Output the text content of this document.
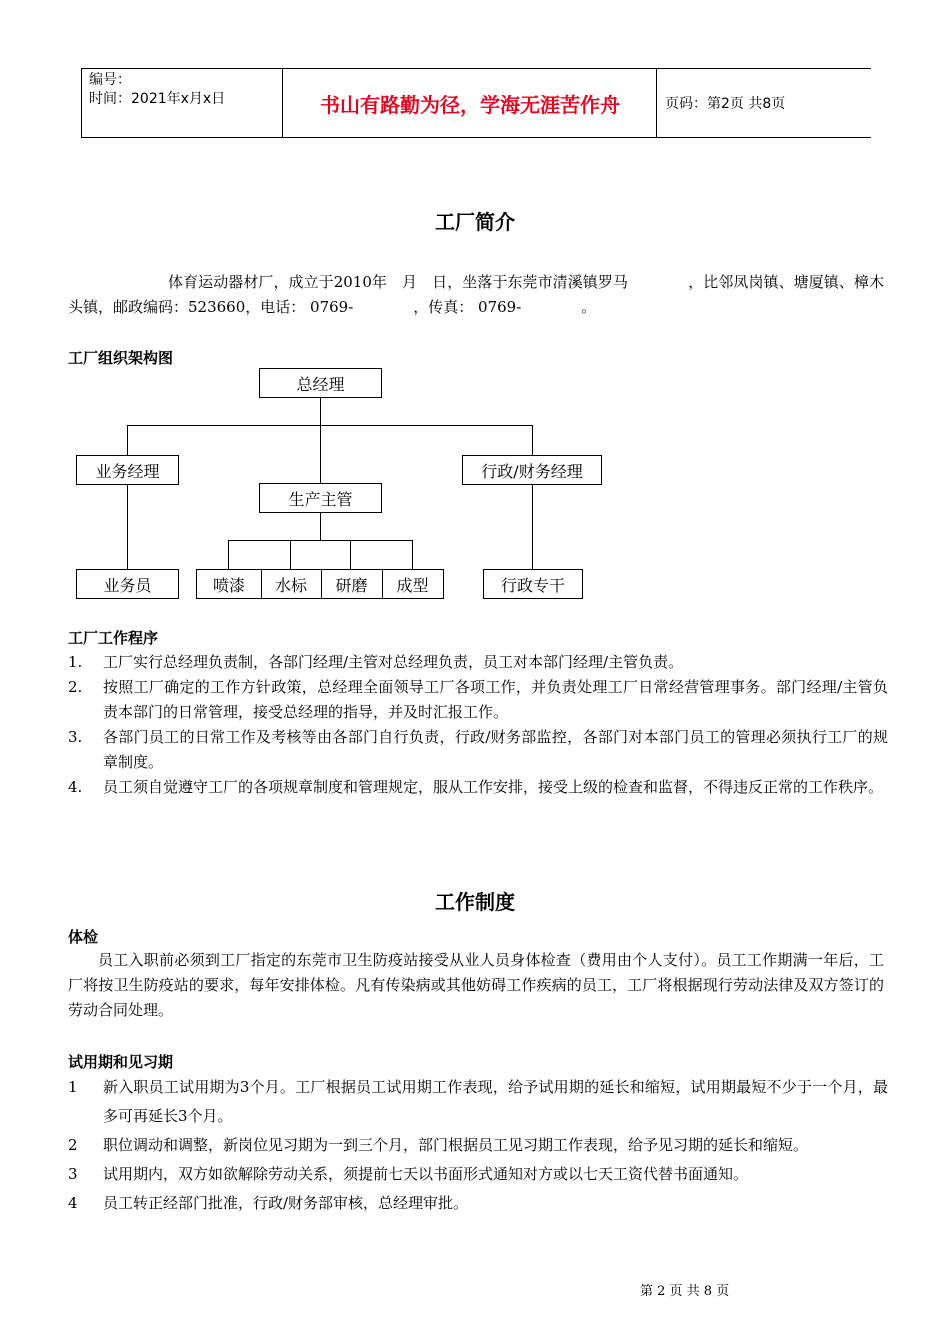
编号：
时间：2021年x月x日	书山有路勤为径，学海无涯苦作舟	页码：第2页 共8页
工厂简介

体育运动器材厂，成立于2010年　月　日，坐落于东莞市清溪镇罗马　　　　，比邻凤岗镇、塘厦镇、樟木头镇，邮政编码：523660，电话： 0769-　　　　，传真： 0769-　　　　。

工厂组织架构图

总经理
业务经理	行政/财务经理
生产主管
业务员	喷漆	水标	研磨	成型	行政专干

工厂工作程序

1. 工厂实行总经理负责制，各部门经理/主管对总经理负责，员工对本部门经理/主管负责。
2. 按照工厂确定的工作方针政策，总经理全面领导工厂各项工作，并负责处理工厂日常经营管理事务。部门经理/主管负责本部门的日常管理，接受总经理的指导，并及时汇报工作。
3. 各部门员工的日常工作及考核等由各部门自行负责，行政/财务部监控，各部门对本部门员工的管理必须执行工厂的规章制度。
4. 员工须自觉遵守工厂的各项规章制度和管理规定，服从工作安排，接受上级的检查和监督，不得违反正常的工作秩序。
工作制度

体检

员工入职前必须到工厂指定的东莞市卫生防疫站接受从业人员身体检查（费用由个人支付）。员工工作期满一年后，工厂将按卫生防疫站的要求，每年安排体检。凡有传染病或其他妨碍工作疾病的员工，工厂将根据现行劳动法律及双方签订的劳动合同处理。

试用期和见习期

1 新入职员工试用期为3个月。工厂根据员工试用期工作表现，给予试用期的延长和缩短，试用期最短不少于一个月，最多可再延长3个月。
2 职位调动和调整，新岗位见习期为一到三个月，部门根据员工见习期工作表现，给予见习期的延长和缩短。
3 试用期内，双方如欲解除劳动关系，须提前七天以书面形式通知对方或以七天工资代替书面通知。
4 员工转正经部门批准，行政/财务部审核，总经理审批。
第 2 页 共 8 页
